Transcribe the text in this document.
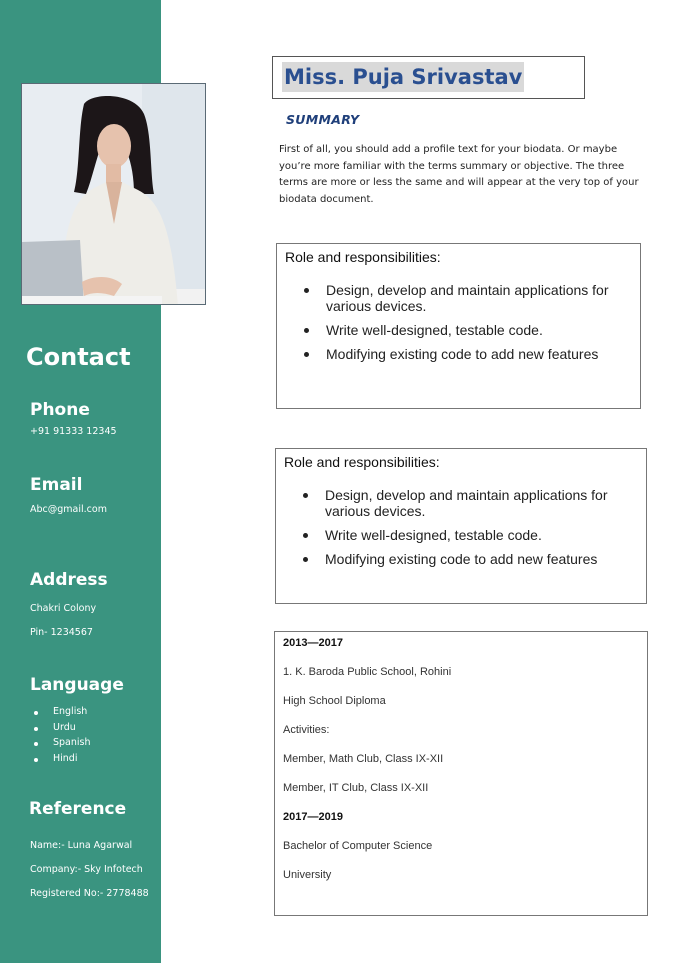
Contact
Phone
+91 91333 12345
Email
Abc@gmail.com
Address
Chakri Colony
Pin- 1234567
Language
English
Urdu
Spanish
Hindi
Reference
Name:- Luna Agarwal
Company:- Sky Infotech
Registered No:- 2778488
Miss. Puja Srivastav
SUMMARY
First of all, you should add a profile text for your biodata. Or maybe
you’re more familiar with the terms summary or objective. The three
terms are more or less the same and will appear at the very top of your
biodata document.
Role and responsibilities:
Design, develop and maintain applications for various devices.
Write well-designed, testable code.
Modifying existing code to add new features
Role and responsibilities:
Design, develop and maintain applications for various devices.
Write well-designed, testable code.
Modifying existing code to add new features
2013—2017
1. K. Baroda Public School, Rohini
High School Diploma
Activities:
Member, Math Club, Class IX-XII
Member, IT Club, Class IX-XII
2017—2019
Bachelor of Computer Science
University
